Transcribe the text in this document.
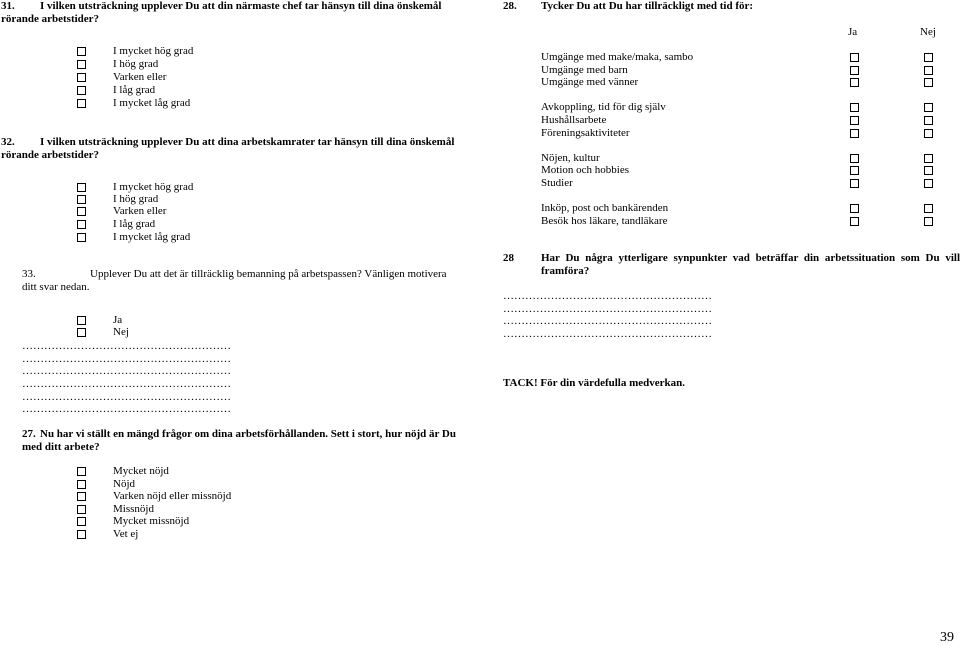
31. I vilken utsträckning upplever Du att din närmaste chef tar hänsyn till dina önskemål
rörande arbetstider?
I mycket hög grad
I hög grad
Varken eller
I låg grad
I mycket låg grad
32. I vilken utsträckning upplever Du att dina arbetskamrater tar hänsyn till dina önskemål
rörande arbetstider?
I mycket hög grad
I hög grad
Varken eller
I låg grad
I mycket låg grad
33.	Upplever Du att det är tillräcklig bemanning på arbetspassen? Vänligen motivera
ditt svar nedan.
Ja
Nej
…………………………………………………
…………………………………………………
…………………………………………………
…………………………………………………
…………………………………………………
…………………………………………………
27. Nu har vi ställt en mängd frågor om dina arbetsförhållanden. Sett i stort, hur nöjd är Du
med ditt arbete?
Mycket nöjd
Nöjd
Varken nöjd eller missnöjd
Missnöjd
Mycket missnöjd
Vet ej
28. Tycker Du att Du har tillräckligt med tid för:
Ja	Nej
Umgänge med make/maka, sambo
Umgänge med barn
Umgänge med vänner
Avkoppling, tid för dig själv
Hushållsarbete
Föreningsaktiviteter
Nöjen, kultur
Motion och hobbies
Studier
Inköp, post och bankärenden
Besök hos läkare, tandläkare
28 Har Du några ytterligare synpunkter vad beträffar din arbetssituation som Du vill
framföra?
…………………………………………………
…………………………………………………
…………………………………………………
…………………………………………………
TACK! För din värdefulla medverkan.
39
